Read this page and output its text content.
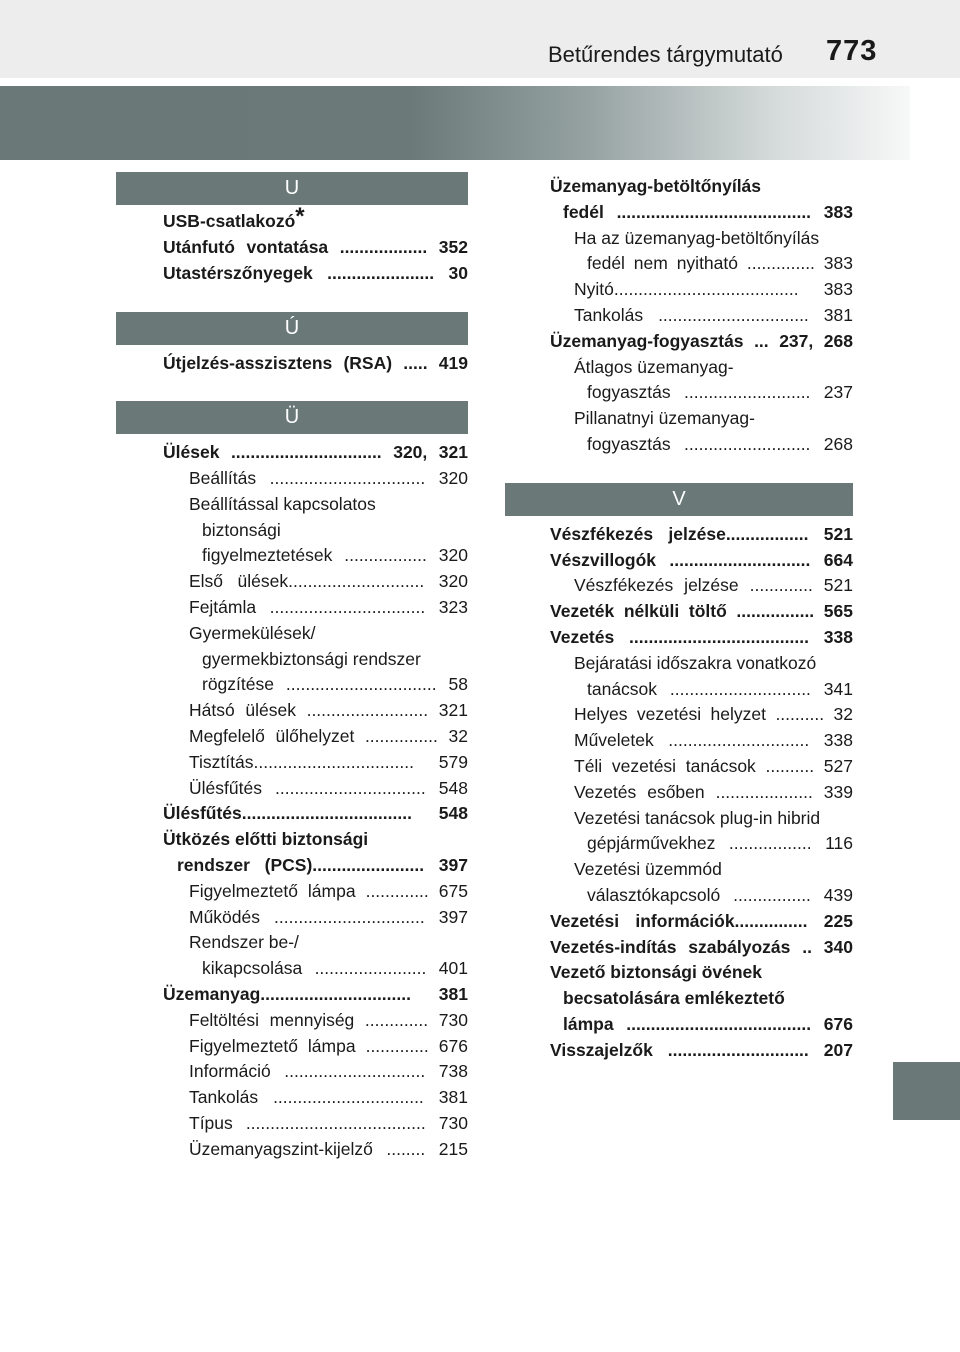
Betűrendes tárgymutató 773
U
USB-csatlakozó*
Utánfutó vontatása .................. 352
Utastérszőnyegek ...................... 30
Ú
Útjelzés-asszisztens (RSA) ..... 419
Ü
Ülések ............................... 320, 321
Beállítás ................................ 320
Beállítással kapcsolatos
biztonsági
figyelmeztetések ................. 320
Első ülések............................ 320
Fejtámla ................................ 323
Gyermekülések/
gyermekbiztonsági rendszer
rögzítése ............................... 58
Hátsó ülések ......................... 321
Megfelelő ülőhelyzet ............... 32
Tisztítás................................. 579
Ülésfűtés ............................... 548
Ülésfűtés................................... 548
Ütközés előtti biztonsági
rendszer (PCS)....................... 397
Figyelmeztető lámpa ............. 675
Működés ............................... 397
Rendszer be-/
kikapcsolása ....................... 401
Üzemanyag............................... 381
Feltöltési mennyiség ............. 730
Figyelmeztető lámpa ............. 676
Információ ............................. 738
Tankolás ............................... 381
Típus ..................................... 730
Üzemanyagszint-kijelző ........ 215
Üzemanyag-betöltőnyílás
fedél ........................................ 383
Ha az üzemanyag-betöltőnyílás
fedél nem nyitható .............. 383
Nyitó...................................... 383
Tankolás ............................... 381
Üzemanyag-fogyasztás ... 237, 268
Átlagos üzemanyag-
fogyasztás .......................... 237
Pillanatnyi üzemanyag-
fogyasztás .......................... 268
V
Vészfékezés jelzése................. 521
Vészvillogók ............................. 664
Vészfékezés jelzése ............. 521
Vezeték nélküli töltő ................ 565
Vezetés ..................................... 338
Bejáratási időszakra vonatkozó
tanácsok ............................. 341
Helyes vezetési helyzet .......... 32
Műveletek ............................. 338
Téli vezetési tanácsok .......... 527
Vezetés esőben .................... 339
Vezetési tanácsok plug-in hibrid
gépjárművekhez ................. 116
Vezetési üzemmód
választókapcsoló ................ 439
Vezetési információk............... 225
Vezetés-indítás szabályozás .. 340
Vezető biztonsági övének
becsatolására emlékeztető
lámpa ...................................... 676
Visszajelzők ............................. 207
